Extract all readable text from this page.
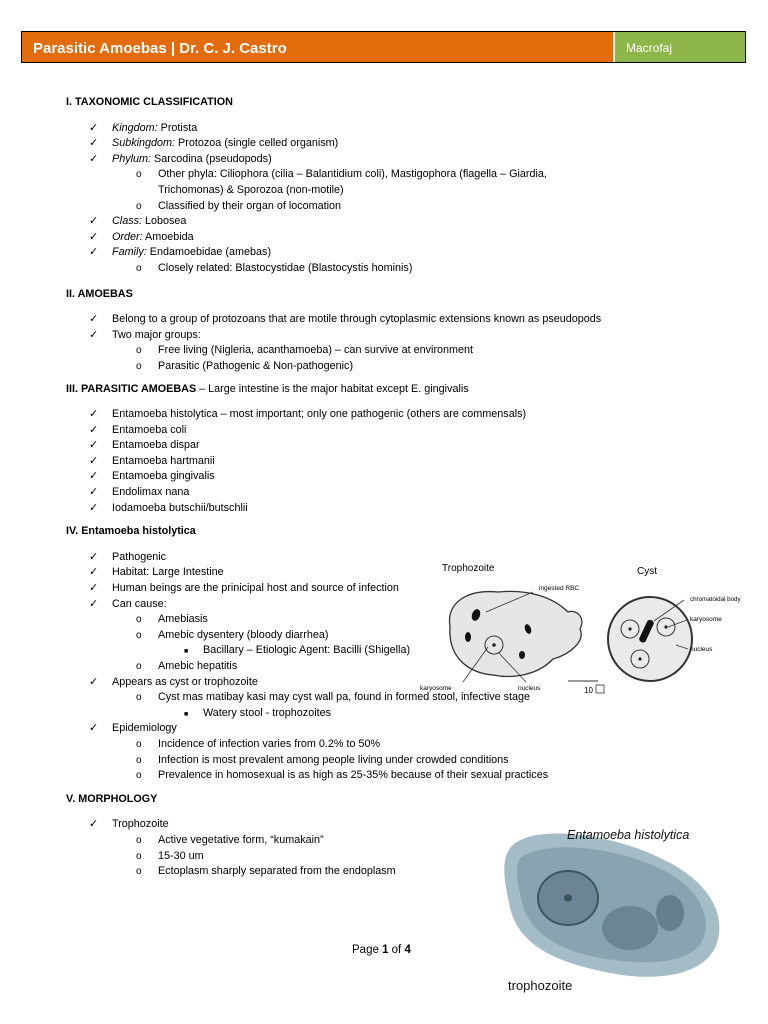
Parasitic Amoebas | Dr. C. J. Castro	Macrofaj
I. TAXONOMIC CLASSIFICATION
✓ Kingdom: Protista
✓ Subkingdom: Protozoa (single celled organism)
✓ Phylum: Sarcodina (pseudopods)
o Other phyla: Ciliophora (cilia – Balantidium coli), Mastigophora (flagella – Giardia, Trichomonas) & Sporozoa (non-motile)
o Classified by their organ of locomation
✓ Class: Lobosea
✓ Order: Amoebida
✓ Family: Endamoebidae (amebas)
o Closely related: Blastocystidae (Blastocystis hominis)
II. AMOEBAS
✓ Belong to a group of protozoans that are motile through cytoplasmic extensions known as pseudopods
✓ Two major groups:
o Free living (Nigleria, acanthamoeba) – can survive at environment
o Parasitic (Pathogenic & Non-pathogenic)
III. PARASITIC AMOEBAS – Large intestine is the major habitat except E. gingivalis
✓ Entamoeba histolytica – most important; only one pathogenic (others are commensals)
✓ Entamoeba coli
✓ Entamoeba dispar
✓ Entamoeba hartmanii
✓ Entamoeba gingivalis
✓ Endolimax nana
✓ Iodamoeba butschii/butschlii
IV. Entamoeba histolytica
✓ Pathogenic
✓ Habitat: Large Intestine
✓ Human beings are the prinicipal host and source of infection
✓ Can cause:
o Amebiasis
o Amebic dysentery (bloody diarrhea)
■ Bacillary – Etiologic Agent: Bacilli (Shigella)
o Amebic hepatitis
✓ Appears as cyst or trophozoite
o Cyst mas matibay kasi may cyst wall pa, found in formed stool, infective stage
■ Watery stool - trophozoites
✓ Epidemiology
o Incidence of infection varies from 0.2% to 50%
o Infection is most prevalent among people living under crowded conditions
o Prevalence in homosexual is as high as 25-35% because of their sexual practices
V. MORPHOLOGY
✓ Trophozoite
o Active vegetative form, “kumakain”
o 15-30 um
o Ectoplasm sharply separated from the endoplasm
Trophozoite	Cyst
ingested RBC
karyosome	nucleus
chromatoidal body
karyosome
nucleus
10
Entamoeba histolytica
trophozoite
Page 1 of 4
